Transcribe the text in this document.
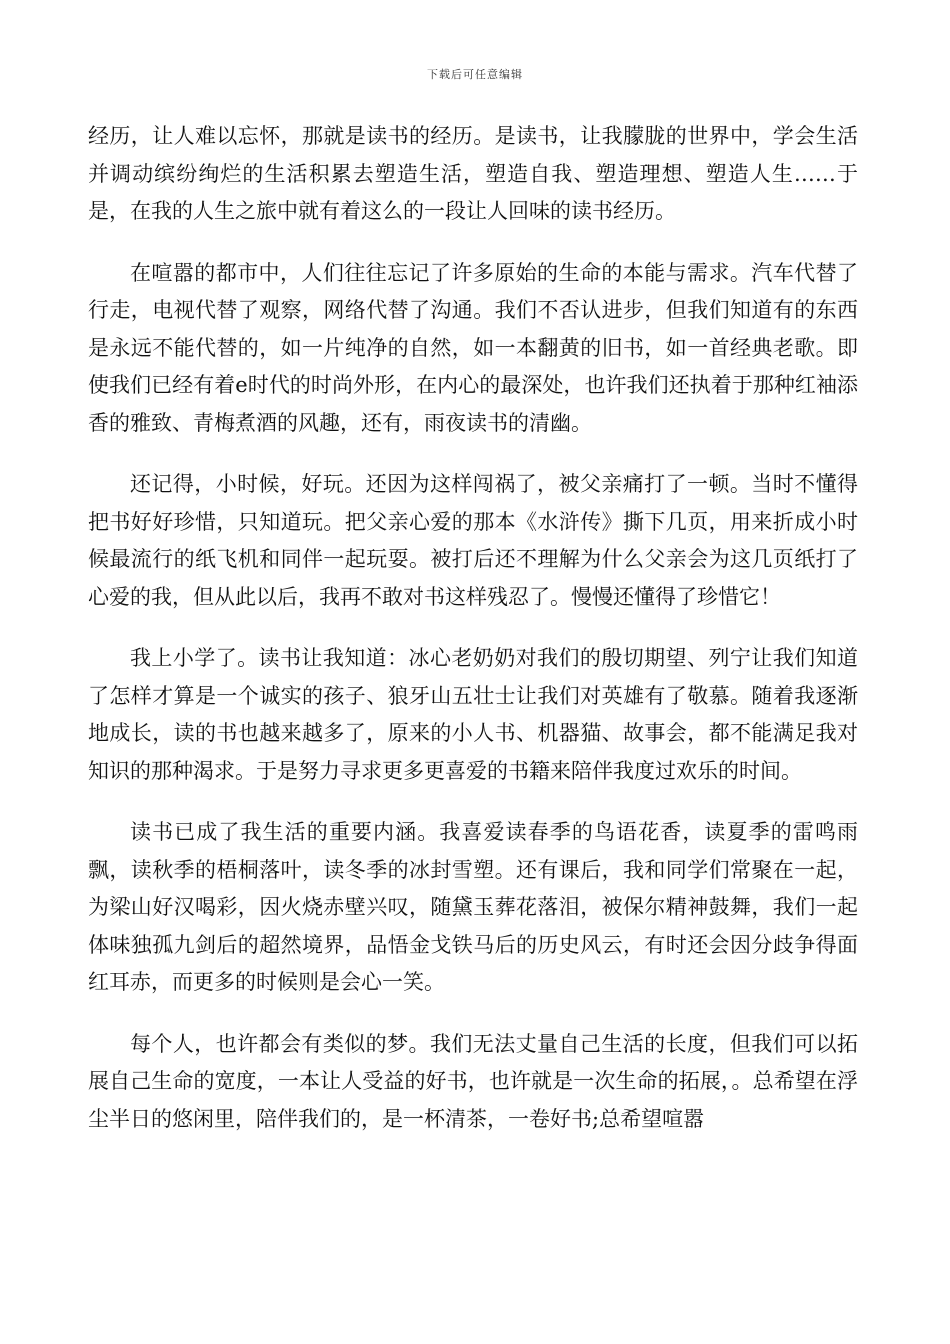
下载后可任意编辑

经历，让人难以忘怀，那就是读书的经历。是读书，让我朦胧的世界中，学会生活并调动缤纷绚烂的生活积累去塑造生活，塑造自我、塑造理想、塑造人生……于是，在我的人生之旅中就有着这么的一段让人回味的读书经历。

在喧嚣的都市中，人们往往忘记了许多原始的生命的本能与需求。汽车代替了行走，电视代替了观察，网络代替了沟通。我们不否认进步，但我们知道有的东西是永远不能代替的，如一片纯净的自然，如一本翻黄的旧书，如一首经典老歌。即使我们已经有着e时代的时尚外形，在内心的最深处，也许我们还执着于那种红袖添香的雅致、青梅煮酒的风趣，还有，雨夜读书的清幽。

还记得，小时候，好玩。还因为这样闯祸了，被父亲痛打了一顿。当时不懂得把书好好珍惜，只知道玩。把父亲心爱的那本《水浒传》撕下几页，用来折成小时候最流行的纸飞机和同伴一起玩耍。被打后还不理解为什么父亲会为这几页纸打了心爱的我，但从此以后，我再不敢对书这样残忍了。慢慢还懂得了珍惜它！

我上小学了。读书让我知道：冰心老奶奶对我们的殷切期望、列宁让我们知道了怎样才算是一个诚实的孩子、狼牙山五壮士让我们对英雄有了敬慕。随着我逐渐地成长，读的书也越来越多了，原来的小人书、机器猫、故事会，都不能满足我对知识的那种渴求。于是努力寻求更多更喜爱的书籍来陪伴我度过欢乐的时间。

读书已成了我生活的重要内涵。我喜爱读春季的鸟语花香，读夏季的雷鸣雨飘，读秋季的梧桐落叶，读冬季的冰封雪塑。还有课后，我和同学们常聚在一起，为梁山好汉喝彩，因火烧赤壁兴叹，随黛玉葬花落泪，被保尔精神鼓舞，我们一起体味独孤九剑后的超然境界，品悟金戈铁马后的历史风云，有时还会因分歧争得面红耳赤，而更多的时候则是会心一笑。

每个人，也许都会有类似的梦。我们无法丈量自己生活的长度，但我们可以拓展自己生命的宽度，一本让人受益的好书，也许就是一次生命的拓展，。总希望在浮尘半日的悠闲里，陪伴我们的，是一杯清茶，一卷好书;总希望喧嚣
